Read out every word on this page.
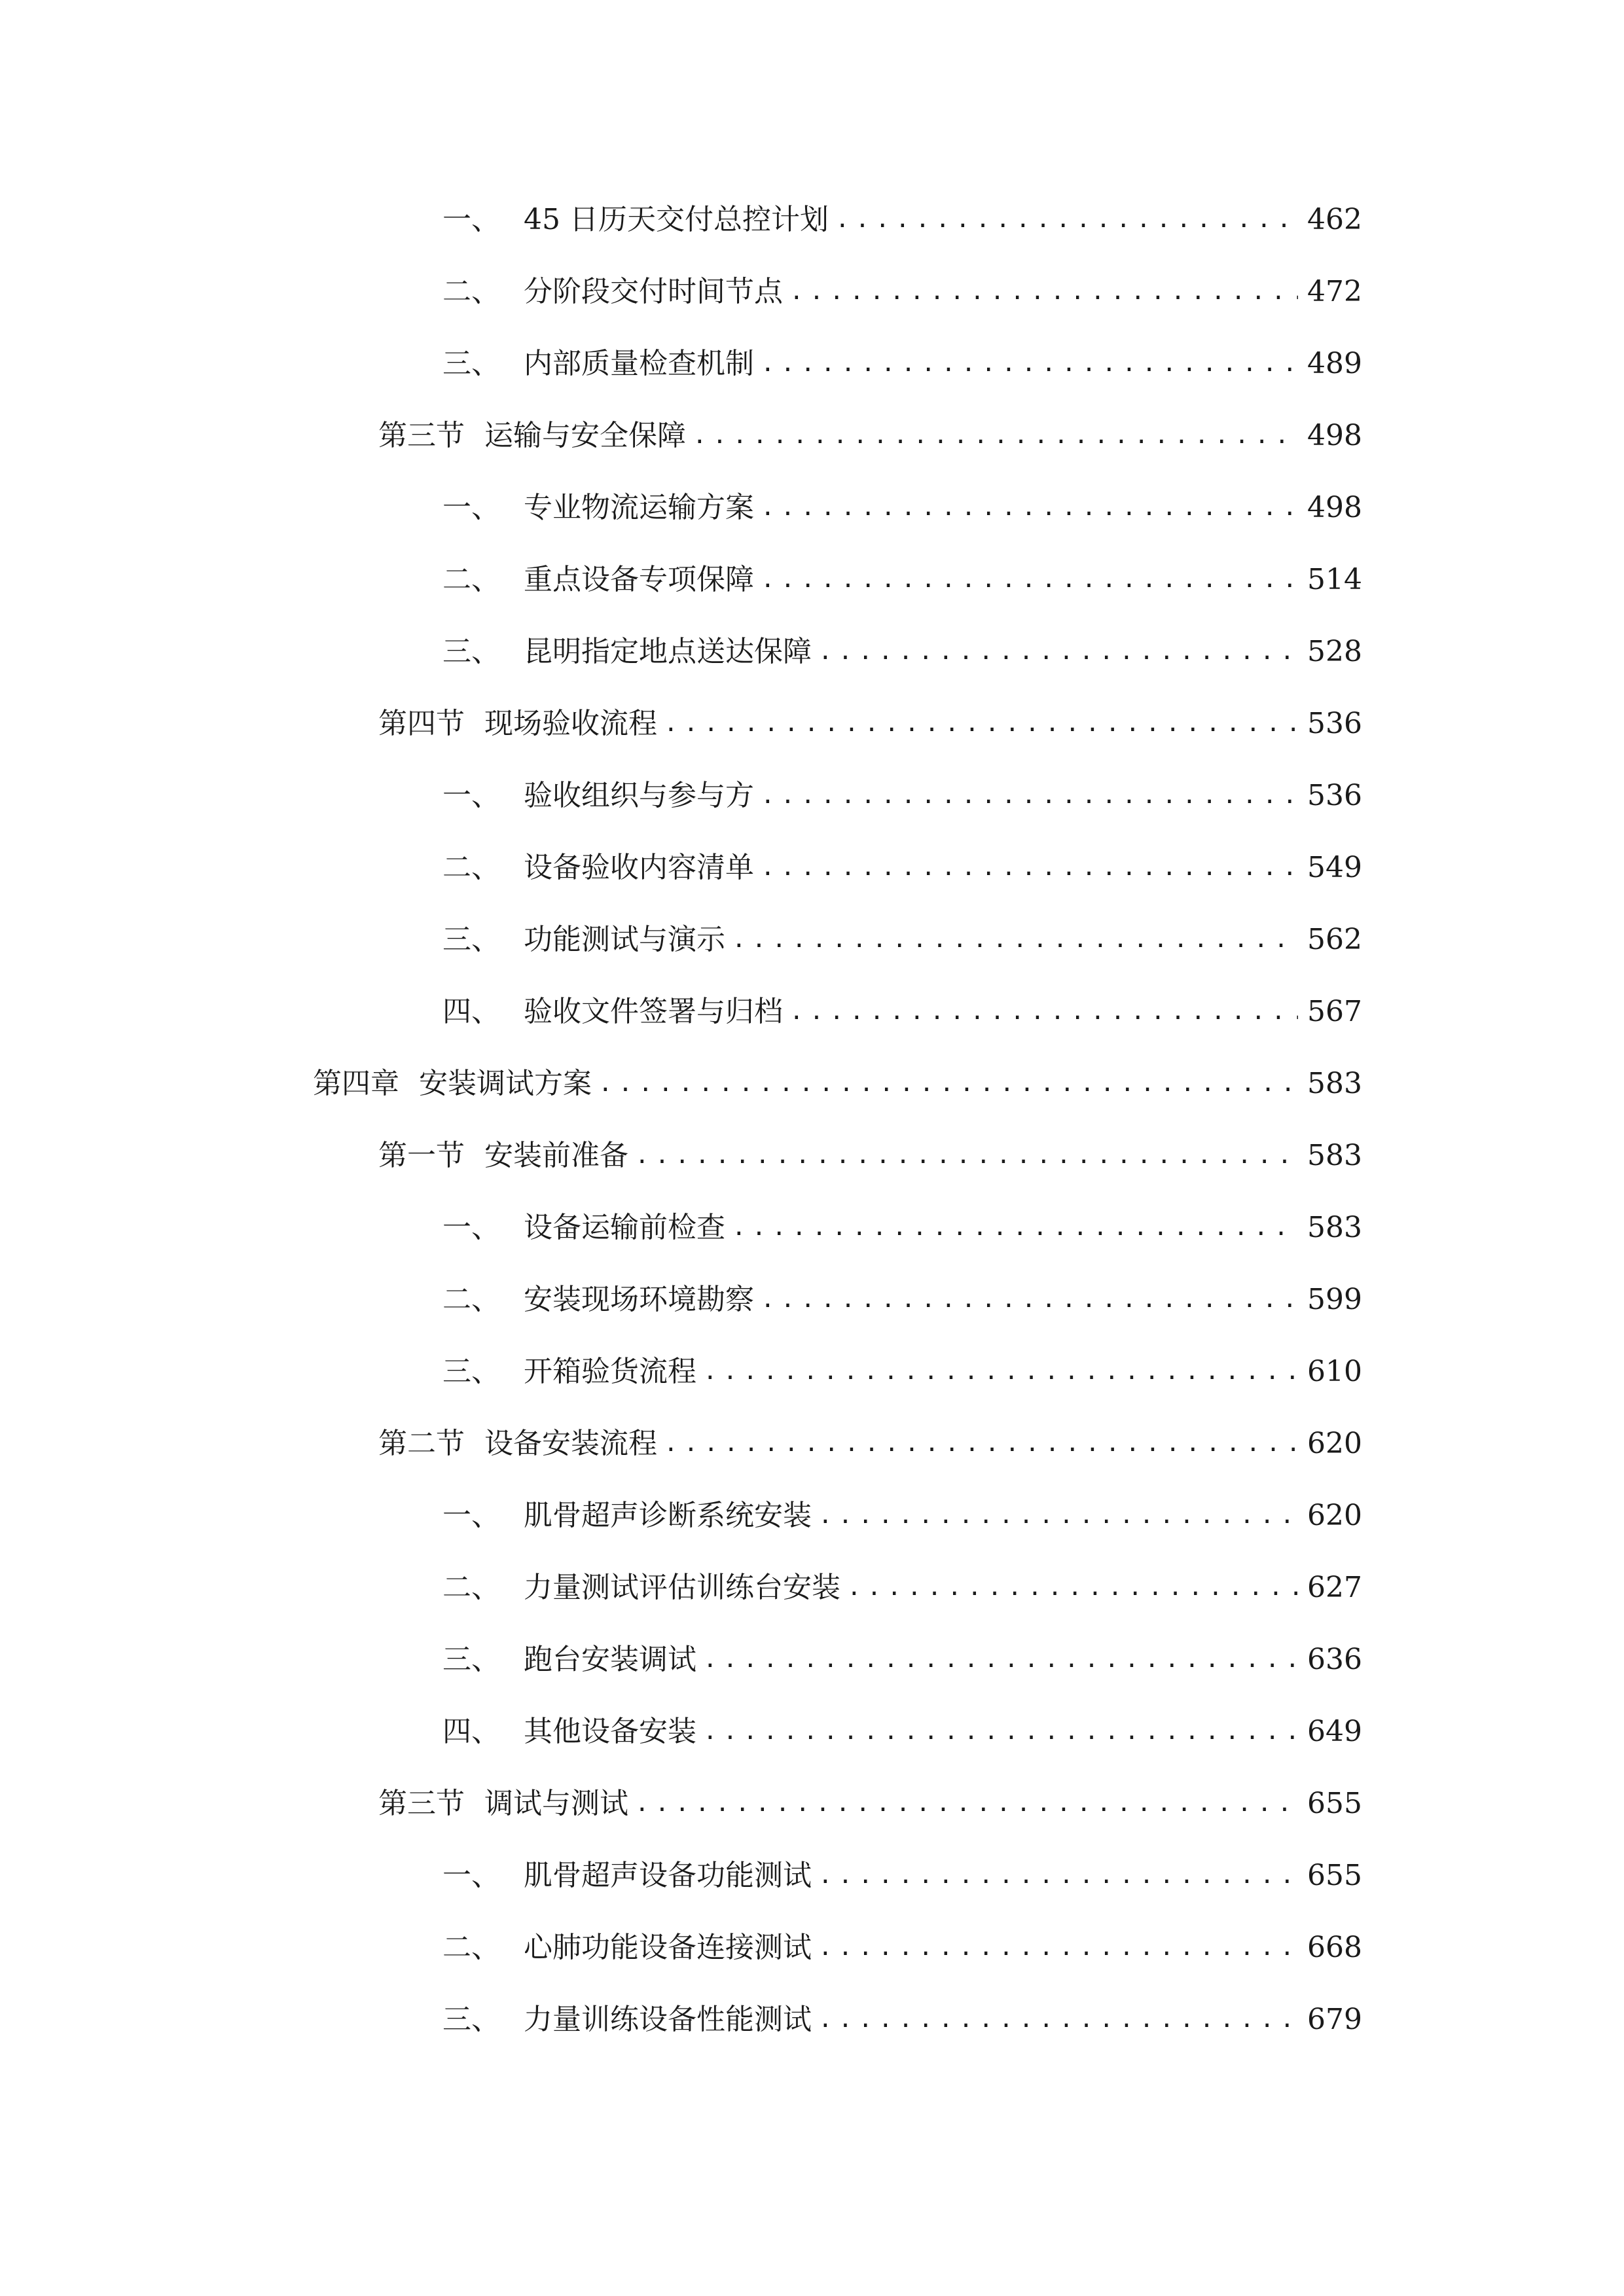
一、 45 日历天交付总控计划 .....	462
二、 分阶段交付时间节点 .....	472
三、 内部质量检查机制 .....	489
第三节 运输与安全保障 .....	498
一、 专业物流运输方案 .....	498
二、 重点设备专项保障 .....	514
三、 昆明指定地点送达保障 .....	528
第四节 现场验收流程 .....	536
一、 验收组织与参与方 .....	536
二、 设备验收内容清单 .....	549
三、 功能测试与演示 .....	562
四、 验收文件签署与归档 .....	567
第四章 安装调试方案 .....	583
第一节 安装前准备 .....	583
一、 设备运输前检查 .....	583
二、 安装现场环境勘察 .....	599
三、 开箱验货流程 .....	610
第二节 设备安装流程 .....	620
一、 肌骨超声诊断系统安装 .....	620
二、 力量测试评估训练台安装 .....	627
三、 跑台安装调试 .....	636
四、 其他设备安装 .....	649
第三节 调试与测试 .....	655
一、 肌骨超声设备功能测试 .....	655
二、 心肺功能设备连接测试 .....	668
三、 力量训练设备性能测试 .....	679
